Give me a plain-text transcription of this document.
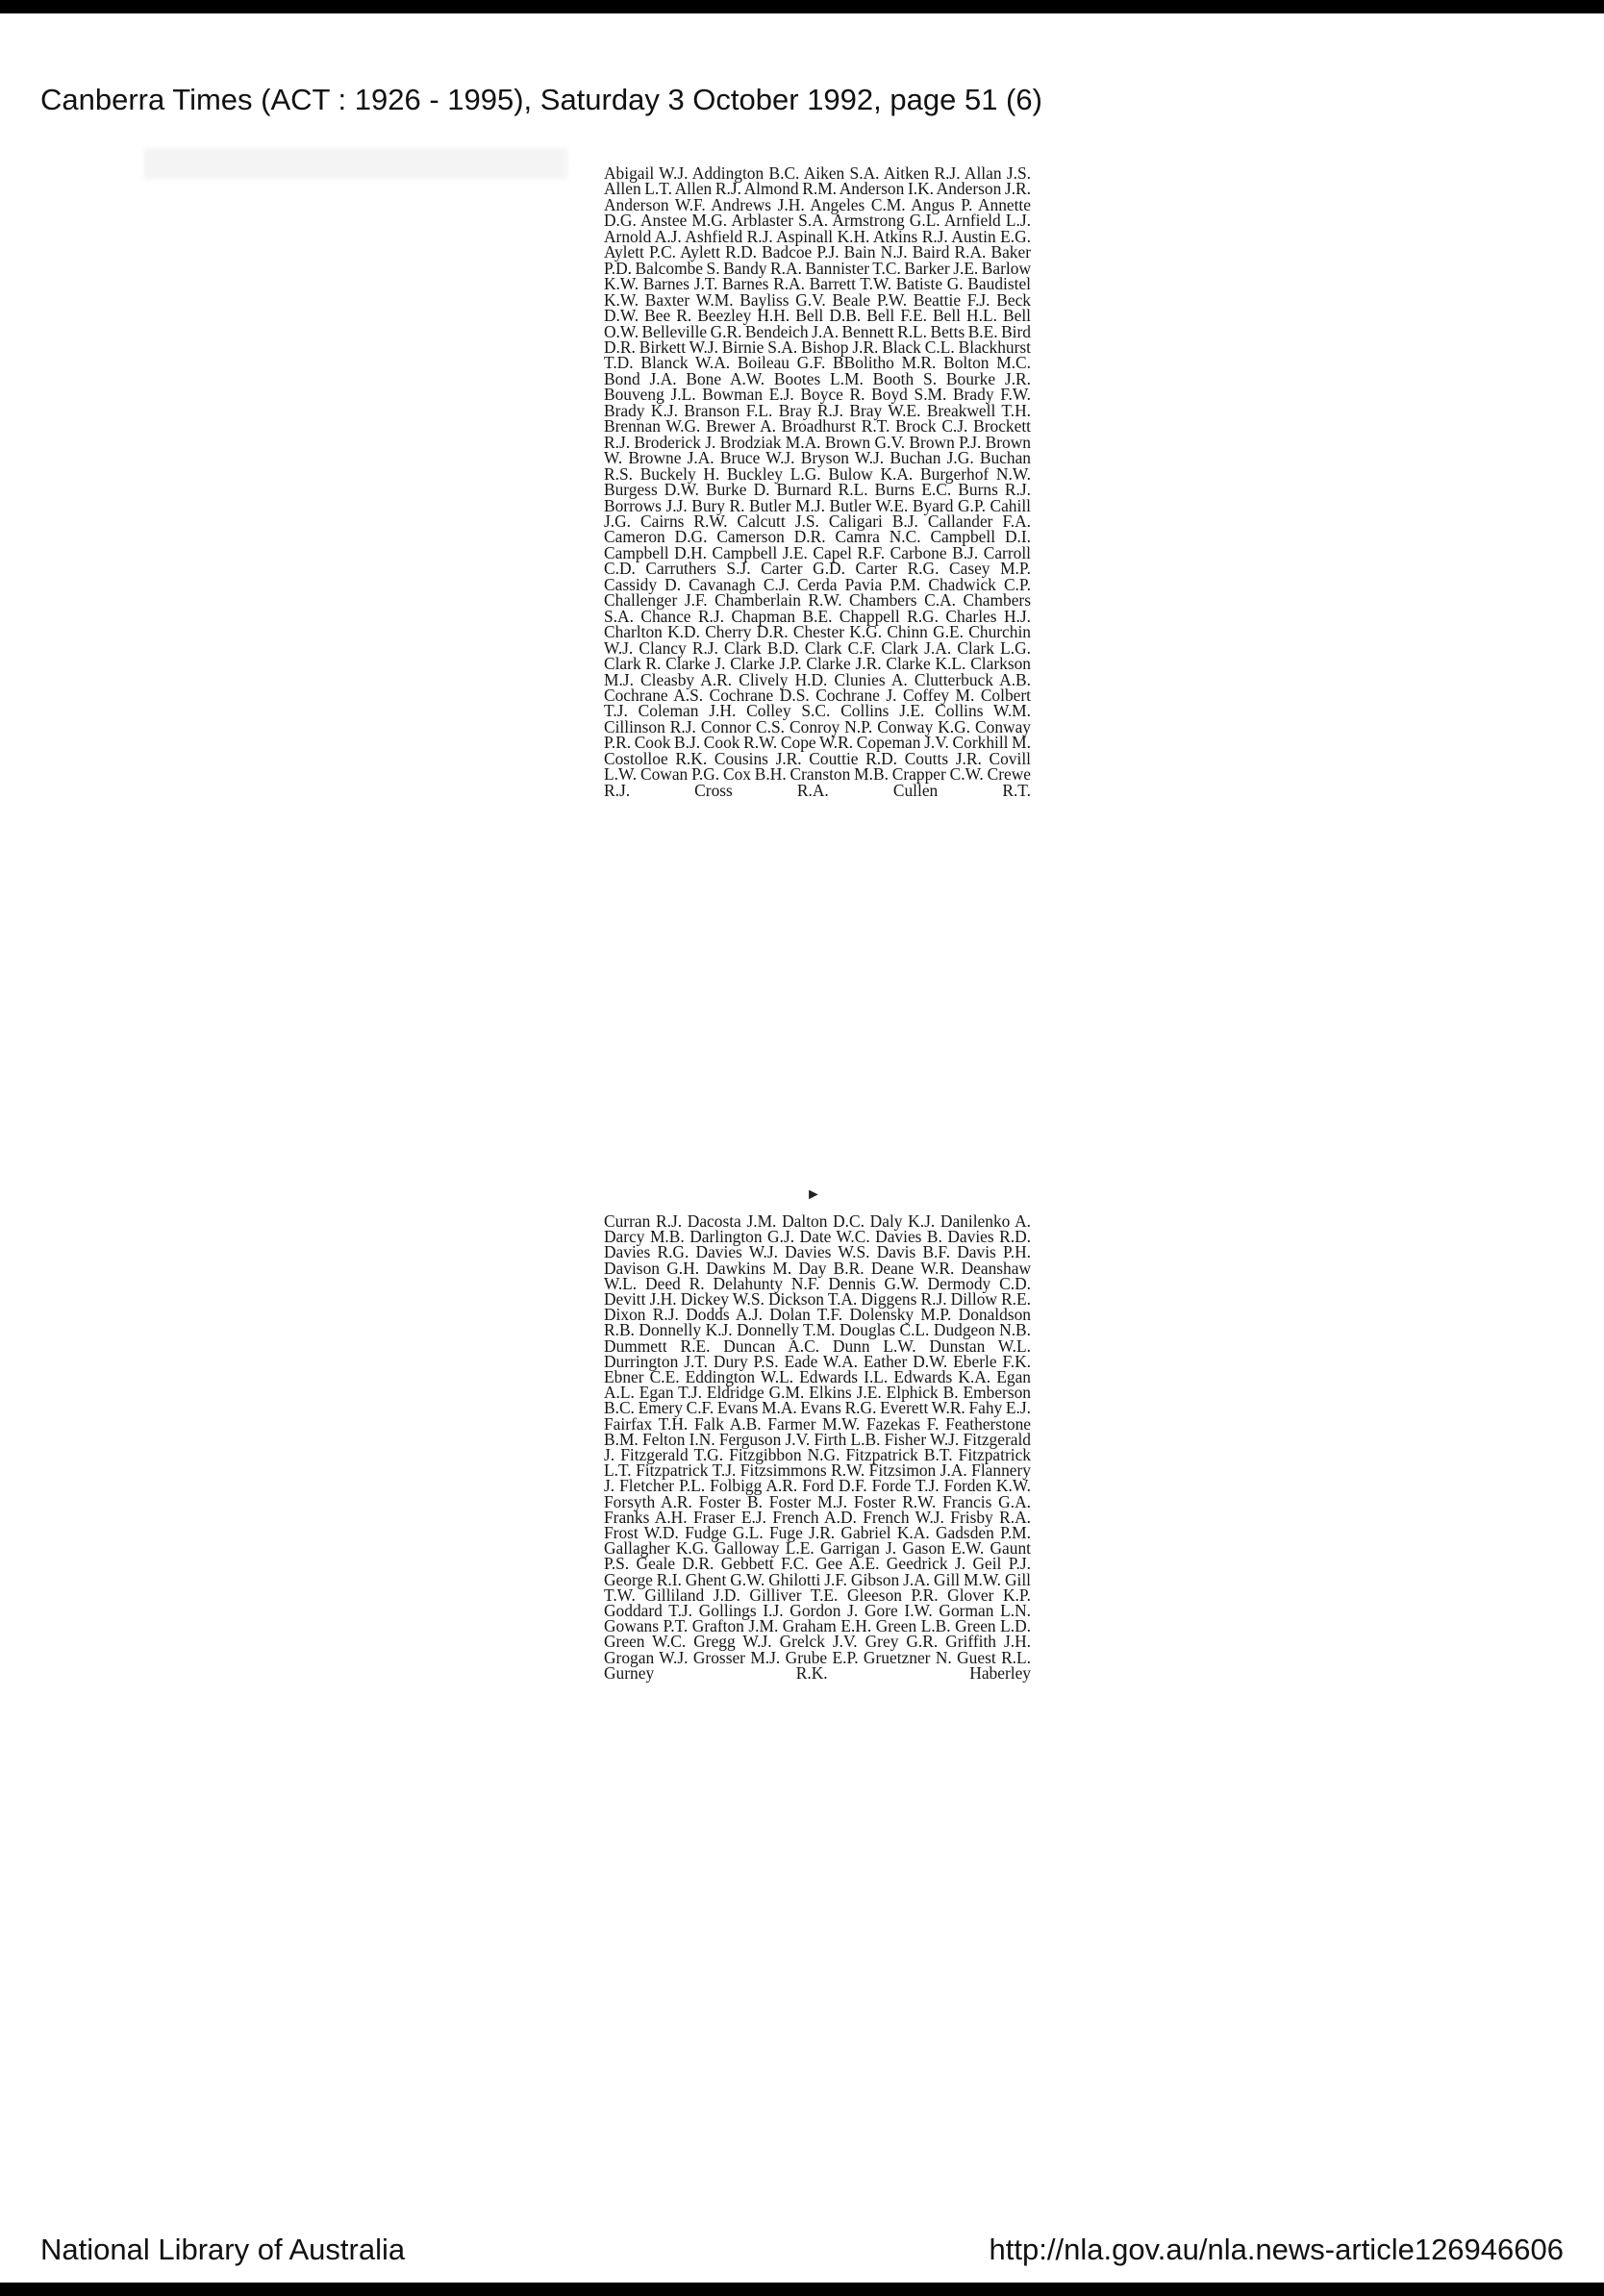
Canberra Times (ACT : 1926 - 1995), Saturday 3 October 1992, page 51 (6)

Abigail W.J. Addington B.C. Aiken S.A. Aitken R.J. Allan J.S. Allen L.T. Allen R.J. Almond R.M. Anderson I.K. Anderson J.R. Anderson W.F. Andrews J.H. Angeles C.M. Angus P. Annette D.G. Anstee M.G. Arblaster S.A. Armstrong G.L. Arnfield L.J. Arnold A.J. Ashfield R.J. Aspinall K.H. Atkins R.J. Austin E.G. Aylett P.C. Aylett R.D. Badcoe P.J. Bain N.J. Baird R.A. Baker P.D. Balcombe S. Bandy R.A. Bannister T.C. Barker J.E. Barlow K.W. Barnes J.T. Barnes R.A. Barrett T.W. Batiste G. Baudistel K.W. Baxter W.M. Bayliss G.V. Beale P.W. Beattie F.J. Beck D.W. Bee R. Beezley H.H. Bell D.B. Bell F.E. Bell H.L. Bell O.W. Belleville G.R. Bendeich J.A. Bennett R.L. Betts B.E. Bird D.R. Birkett W.J. Birnie S.A. Bishop J.R. Black C.L. Blackhurst T.D. Blanck W.A. Boileau G.F. BBolitho M.R. Bolton M.C. Bond J.A. Bone A.W. Bootes L.M. Booth S. Bourke J.R. Bouveng J.L. Bowman E.J. Boyce R. Boyd S.M. Brady F.W. Brady K.J. Branson F.L. Bray R.J. Bray W.E. Breakwell T.H. Brennan W.G. Brewer A. Broadhurst R.T. Brock C.J. Brockett R.J. Broderick J. Brodziak M.A. Brown G.V. Brown P.J. Brown W. Browne J.A. Bruce W.J. Bryson W.J. Buchan J.G. Buchan R.S. Buckely H. Buckley L.G. Bulow K.A. Burgerhof N.W. Burgess D.W. Burke D. Burnard R.L. Burns E.C. Burns R.J. Borrows J.J. Bury R. Butler M.J. Butler W.E. Byard G.P. Cahill J.G. Cairns R.W. Calcutt J.S. Caligari B.J. Callander F.A. Cameron D.G. Camerson D.R. Camra N.C. Campbell D.I. Campbell D.H. Campbell J.E. Capel R.F. Carbone B.J. Carroll C.D. Carruthers S.J. Carter G.D. Carter R.G. Casey M.P. Cassidy D. Cavanagh C.J. Cerda Pavia P.M. Chadwick C.P. Challenger J.F. Chamberlain R.W. Chambers C.A. Chambers S.A. Chance R.J. Chapman B.E. Chappell R.G. Charles H.J. Charlton K.D. Cherry D.R. Chester K.G. Chinn G.E. Churchin W.J. Clancy R.J. Clark B.D. Clark C.F. Clark J.A. Clark L.G. Clark R. Clarke J. Clarke J.P. Clarke J.R. Clarke K.L. Clarkson M.J. Cleasby A.R. Clively H.D. Clunies A. Clutterbuck A.B. Cochrane A.S. Cochrane D.S. Cochrane J. Coffey M. Colbert T.J. Coleman J.H. Colley S.C. Collins J.E. Collins W.M. Cillinson R.J. Connor C.S. Conroy N.P. Conway K.G. Conway P.R. Cook B.J. Cook R.W. Cope W.R. Copeman J.V. Corkhill M. Costolloe R.K. Cousins J.R. Couttie R.D. Coutts J.R. Covill L.W. Cowan P.G. Cox B.H. Cranston M.B. Crapper C.W. Crewe R.J. Cross R.A. Cullen R.T.

►

Curran R.J. Dacosta J.M. Dalton D.C. Daly K.J. Danilenko A. Darcy M.B. Darlington G.J. Date W.C. Davies B. Davies R.D. Davies R.G. Davies W.J. Davies W.S. Davis B.F. Davis P.H. Davison G.H. Dawkins M. Day B.R. Deane W.R. Deanshaw W.L. Deed R. Delahunty N.F. Dennis G.W. Dermody C.D. Devitt J.H. Dickey W.S. Dickson T.A. Diggens R.J. Dillow R.E. Dixon R.J. Dodds A.J. Dolan T.F. Dolensky M.P. Donaldson R.B. Donnelly K.J. Donnelly T.M. Douglas C.L. Dudgeon N.B. Dummett R.E. Duncan A.C. Dunn L.W. Dunstan W.L. Durrington J.T. Dury P.S. Eade W.A. Eather D.W. Eberle F.K. Ebner C.E. Eddington W.L. Edwards I.L. Edwards K.A. Egan A.L. Egan T.J. Eldridge G.M. Elkins J.E. Elphick B. Emberson B.C. Emery C.F. Evans M.A. Evans R.G. Everett W.R. Fahy E.J. Fairfax T.H. Falk A.B. Farmer M.W. Fazekas F. Featherstone B.M. Felton I.N. Ferguson J.V. Firth L.B. Fisher W.J. Fitzgerald J. Fitzgerald T.G. Fitzgibbon N.G. Fitzpatrick B.T. Fitzpatrick L.T. Fitzpatrick T.J. Fitzsimmons R.W. Fitzsimon J.A. Flannery J. Fletcher P.L. Folbigg A.R. Ford D.F. Forde T.J. Forden K.W. Forsyth A.R. Foster B. Foster M.J. Foster R.W. Francis G.A. Franks A.H. Fraser E.J. French A.D. French W.J. Frisby R.A. Frost W.D. Fudge G.L. Fuge J.R. Gabriel K.A. Gadsden P.M. Gallagher K.G. Galloway L.E. Garrigan J. Gason E.W. Gaunt P.S. Geale D.R. Gebbett F.C. Gee A.E. Geedrick J. Geil P.J. George R.I. Ghent G.W. Ghilotti J.F. Gibson J.A. Gill M.W. Gill T.W. Gilliland J.D. Gilliver T.E. Gleeson P.R. Glover K.P. Goddard T.J. Gollings I.J. Gordon J. Gore I.W. Gorman L.N. Gowans P.T. Grafton J.M. Graham E.H. Green L.B. Green L.D. Green W.C. Gregg W.J. Grelck J.V. Grey G.R. Griffith J.H. Grogan W.J. Grosser M.J. Grube E.P. Gruetzner N. Guest R.L. Gurney R.K. Haberley

National Library of Australia	http://nla.gov.au/nla.news-article126946606
